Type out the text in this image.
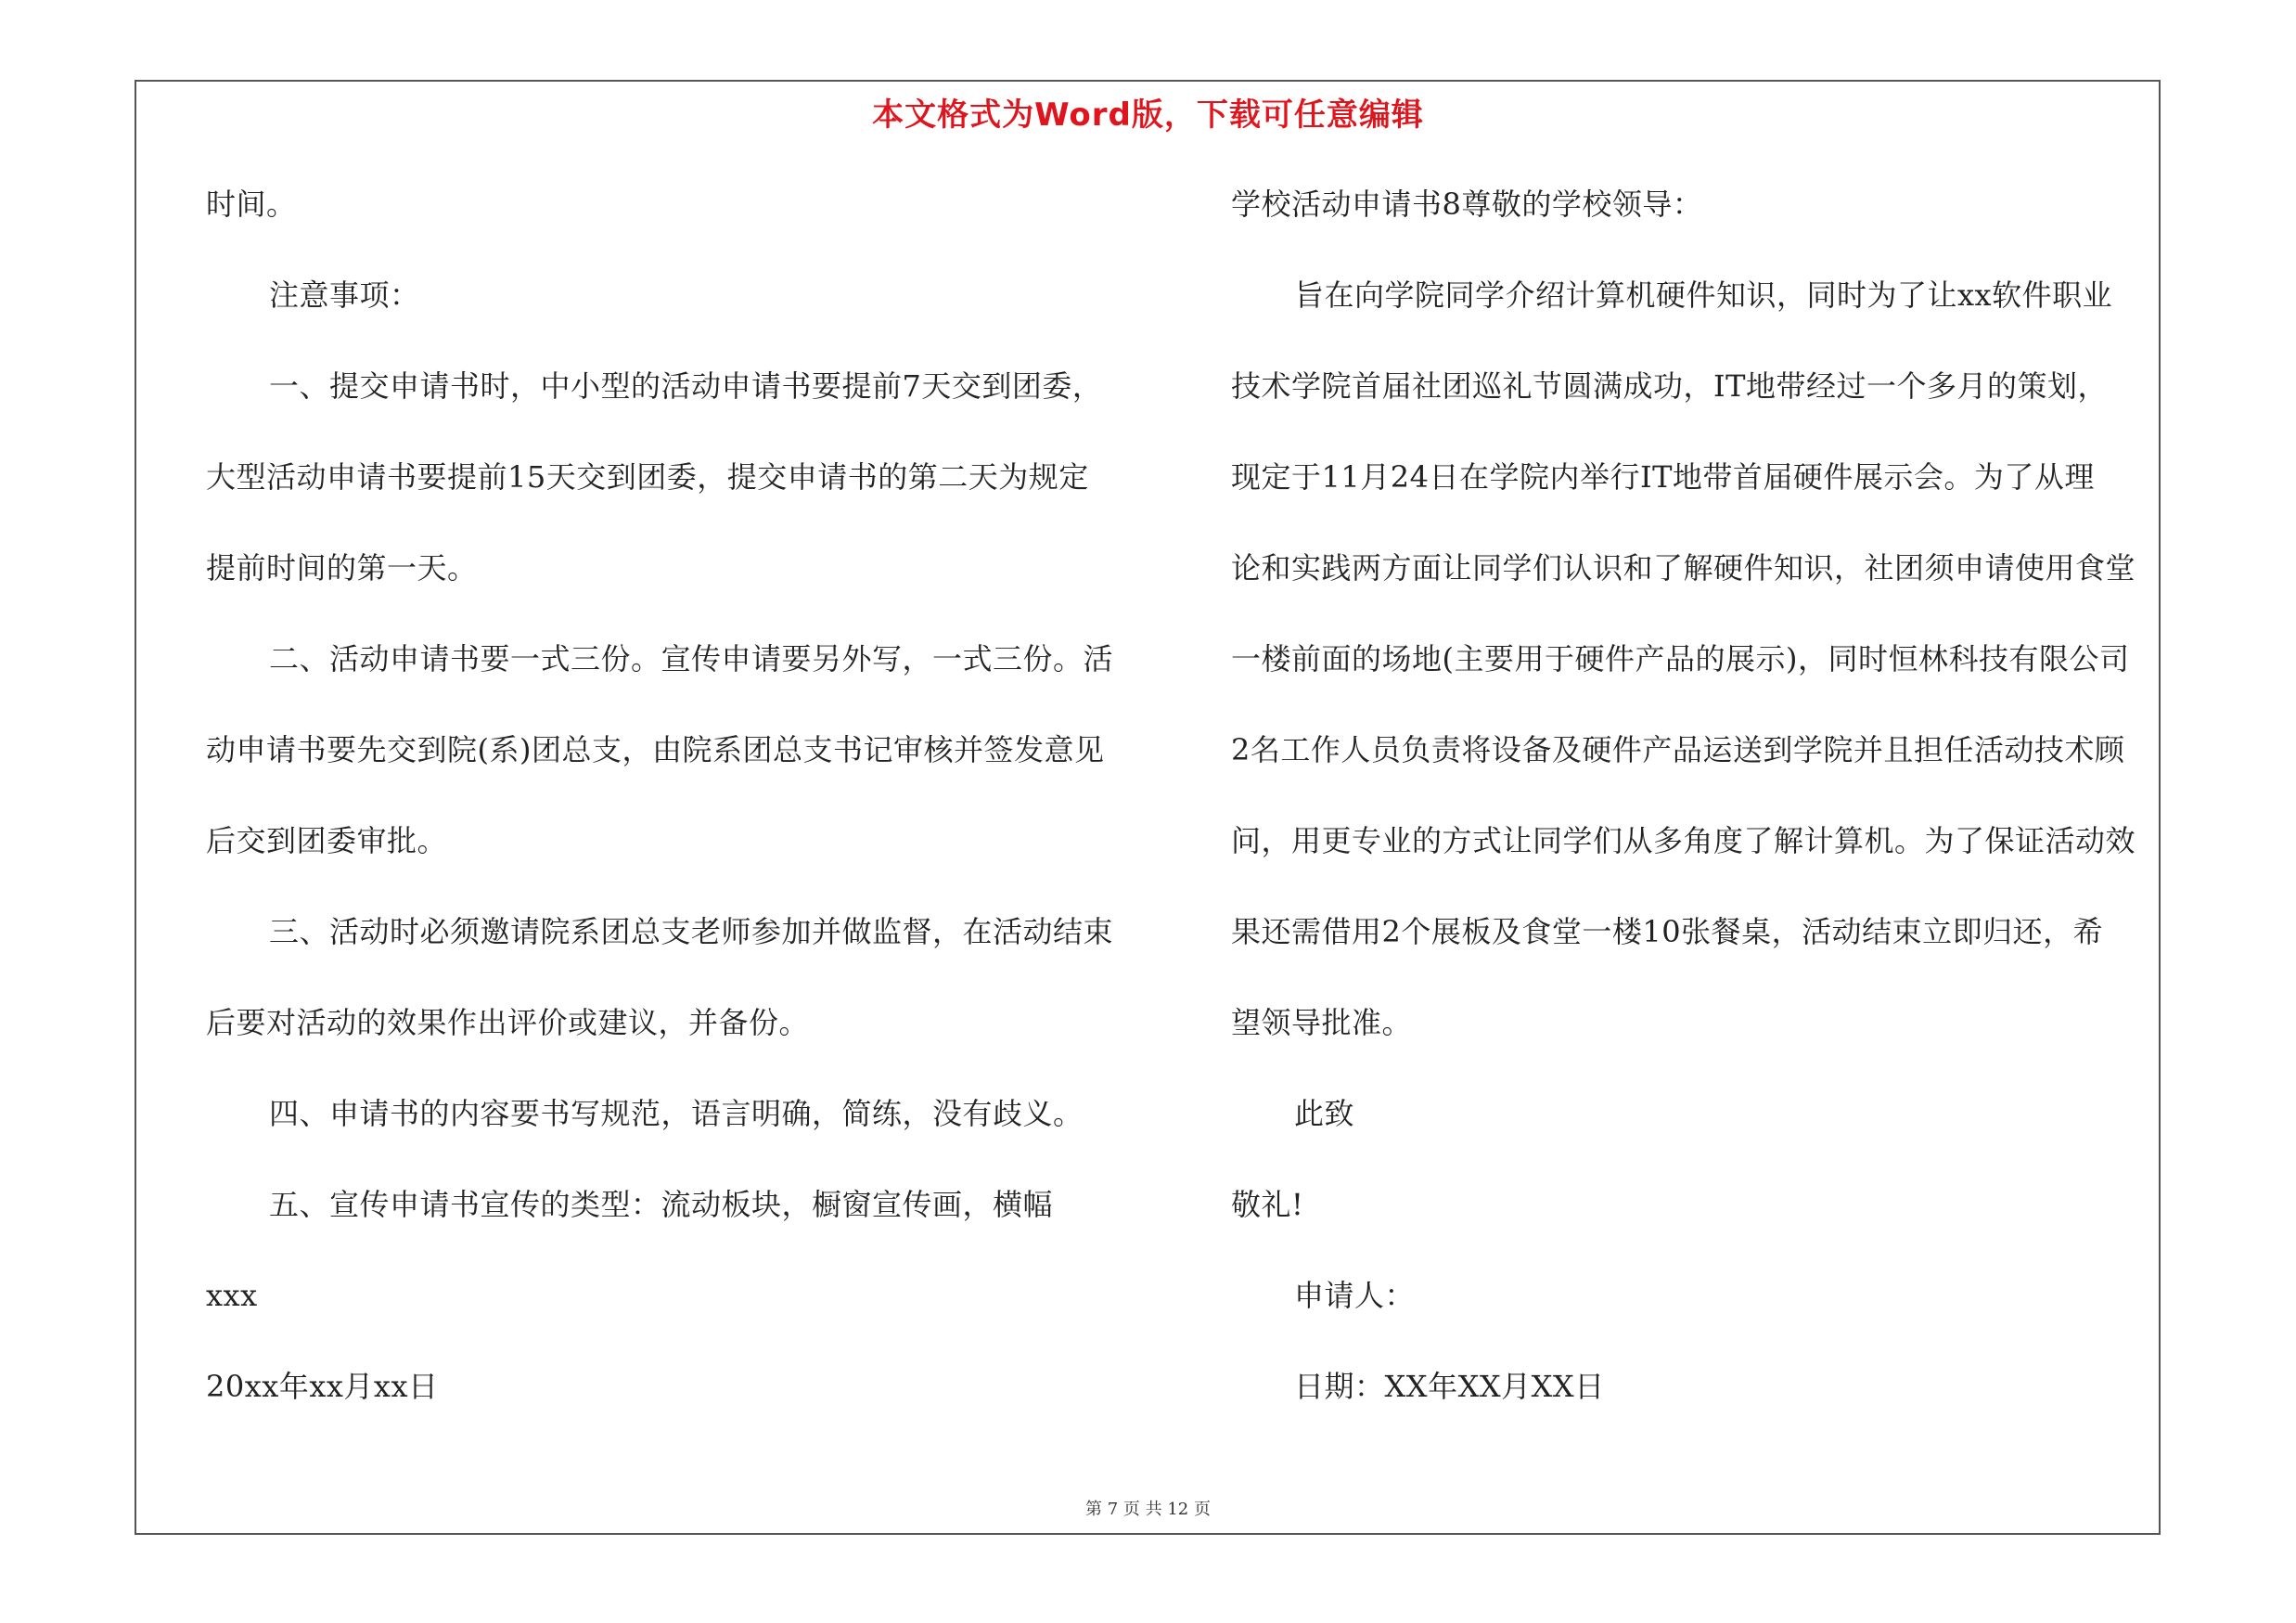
本文格式为Word版，下载可任意编辑
时间。
注意事项：
一、提交申请书时，中小型的活动申请书要提前7天交到团委，
大型活动申请书要提前15天交到团委，提交申请书的第二天为规定
提前时间的第一天。
二、活动申请书要一式三份。宣传申请要另外写，一式三份。活
动申请书要先交到院(系)团总支，由院系团总支书记审核并签发意见
后交到团委审批。
三、活动时必须邀请院系团总支老师参加并做监督，在活动结束
后要对活动的效果作出评价或建议，并备份。
四、申请书的内容要书写规范，语言明确，简练，没有歧义。
五、宣传申请书宣传的类型：流动板块，橱窗宣传画，横幅
xxx
20xx年xx月xx日
学校活动申请书8尊敬的学校领导：
旨在向学院同学介绍计算机硬件知识，同时为了让xx软件职业
技术学院首届社团巡礼节圆满成功，IT地带经过一个多月的策划，
现定于11月24日在学院内举行IT地带首届硬件展示会。为了从理
论和实践两方面让同学们认识和了解硬件知识，社团须申请使用食堂
一楼前面的场地(主要用于硬件产品的展示)，同时恒林科技有限公司
2名工作人员负责将设备及硬件产品运送到学院并且担任活动技术顾
问，用更专业的方式让同学们从多角度了解计算机。为了保证活动效
果还需借用2个展板及食堂一楼10张餐桌，活动结束立即归还，希
望领导批准。
此致
敬礼!
申请人：
日期：XX年XX月XX日
第 7 页 共 12 页
